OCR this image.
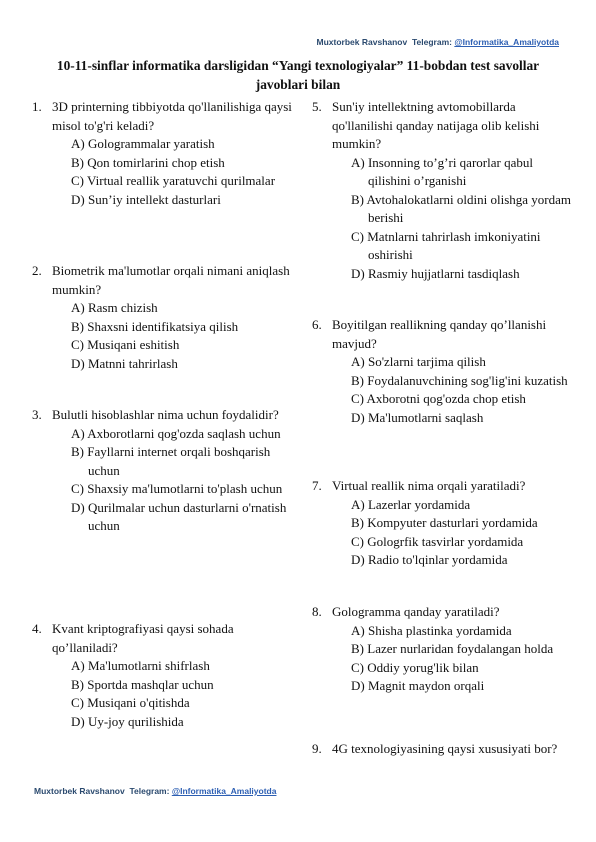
Muxtorbek Ravshanov Telegram: @Informatika_Amaliyotda
10-11-sinflar informatika darsligidan “Yangi texnologiyalar” 11-bobdan test savollar javoblari bilan
1. 3D printerning tibbiyotda qo'llanilishiga qaysi misol to'g'ri keladi?
A) Gologrammalar yaratish
B) Qon tomirlarini chop etish
C) Virtual reallik yaratuvchi qurilmalar
D) Sun’iy intellekt dasturlari
2. Biometrik ma'lumotlar orqali nimani aniqlash mumkin?
A) Rasm chizish
B) Shaxsni identifikatsiya qilish
C) Musiqani eshitish
D) Matnni tahrirlash
3. Bulutli hisoblashlar nima uchun foydalidir?
A) Axborotlarni qog'ozda saqlash uchun
B) Fayllarni internet orqali boshqarish uchun
C) Shaxsiy ma'lumotlarni to'plash uchun
D) Qurilmalar uchun dasturlarni o'rnatish uchun
4. Kvant kriptografiyasi qaysi sohada qo’llaniladi?
A) Ma'lumotlarni shifrlash
B) Sportda mashqlar uchun
C) Musiqani o'qitishda
D) Uy-joy qurilishida
5. Sun'iy intellektning avtomobillarda qo'llanilishi qanday natijaga olib kelishi mumkin?
A) Insonning to’g’ri qarorlar qabul qilishini o’rganishi
B) Avtohalokatlarni oldini olishga yordam berishi
C) Matnlarni tahrirlash imkoniyatini oshirishi
D) Rasmiy hujjatlarni tasdiqlash
6. Boyitilgan reallikning qanday qo’llanishi mavjud?
A) So'zlarni tarjima qilish
B) Foydalanuvchining sog'lig'ini kuzatish
C) Axborotni qog'ozda chop etish
D) Ma'lumotlarni saqlash
7. Virtual reallik nima orqali yaratiladi?
A) Lazerlar yordamida
B) Kompyuter dasturlari yordamida
C) Gologrfik tasvirlar yordamida
D) Radio to'lqinlar yordamida
8. Gologramma qanday yaratiladi?
A) Shisha plastinka yordamida
B) Lazer nurlaridan foydalangan holda
C) Oddiy yorug'lik bilan
D) Magnit maydon orqali
9. 4G texnologiyasining qaysi xususiyati bor?
Muxtorbek Ravshanov Telegram: @Informatika_Amaliyotda
